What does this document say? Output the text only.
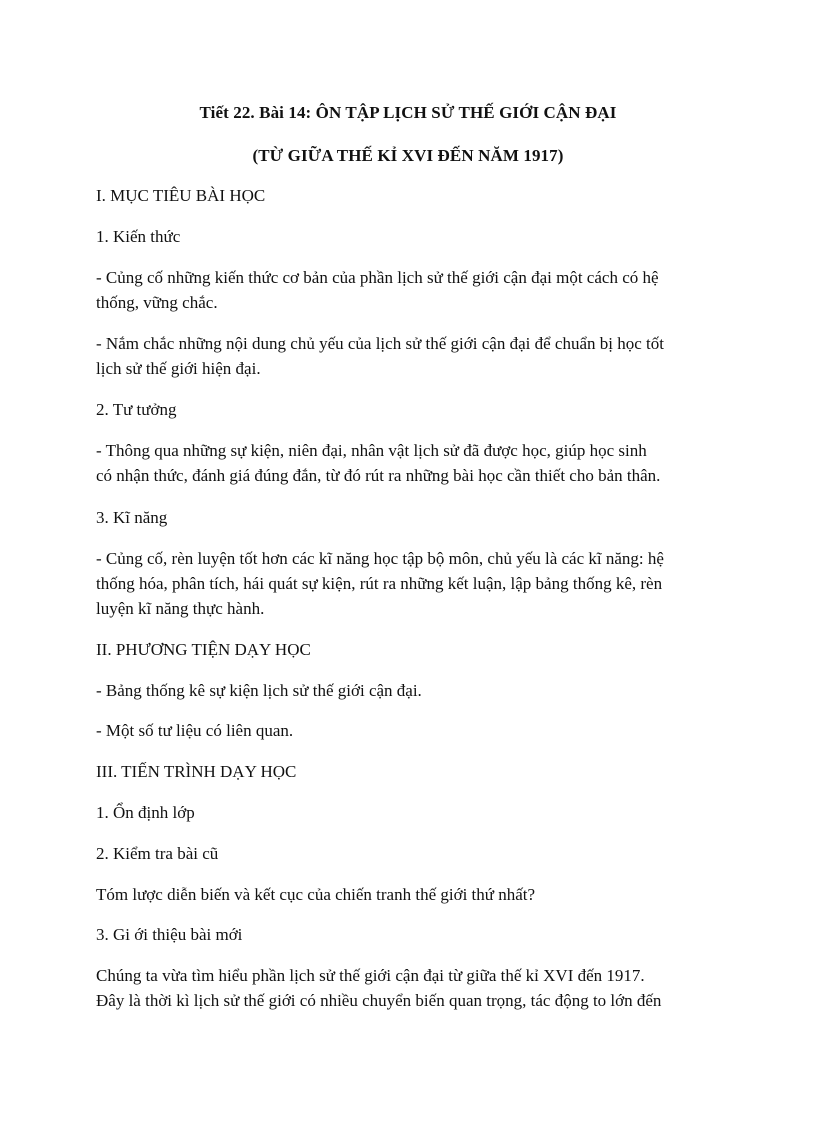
Tiết 22. Bài 14: ÔN TẬP LỊCH SỬ THẾ GIỚI CẬN ĐẠI
(TỪ GIỮA THẾ KỈ XVI ĐẾN NĂM 1917)
I. MỤC TIÊU BÀI HỌC
1. Kiến thức
- Củng cố những kiến thức cơ bản của phần lịch sử thế giới cận đại một cách có hệ
thống, vững chắc.
- Nắm chắc những nội dung chủ yếu của lịch sử thế giới cận đại để chuẩn bị học tốt
lịch sử thế giới hiện đại.
2. Tư tưởng
- Thông qua những sự kiện, niên đại, nhân vật lịch sử đã được học, giúp học sinh
có nhận thức, đánh giá đúng đắn, từ đó rút ra những bài học cần thiết cho bản thân.
3. Kĩ năng
- Củng cố, rèn luyện tốt hơn các kĩ năng học tập bộ môn, chủ yếu là các kĩ năng: hệ
thống hóa, phân tích, hái quát sự kiện, rút ra những kết luận, lập bảng thống kê, rèn
luyện kĩ năng thực hành.
II. PHƯƠNG TIỆN DẠY HỌC
- Bảng thống kê sự kiện lịch sử thế giới cận đại.
- Một số tư liệu có liên quan.
III. TIẾN TRÌNH DẠY HỌC
1. Ổn định lớp
2. Kiểm tra bài cũ
Tóm lược diễn biến và kết cục của chiến tranh thế giới thứ nhất?
3. Gi ới thiệu bài mới
Chúng ta vừa tìm hiểu phần lịch sử thế giới cận đại từ giữa thế kỉ XVI đến 1917.
Đây là thời kì lịch sử thế giới có nhiều chuyển biến quan trọng, tác động to lớn đến
